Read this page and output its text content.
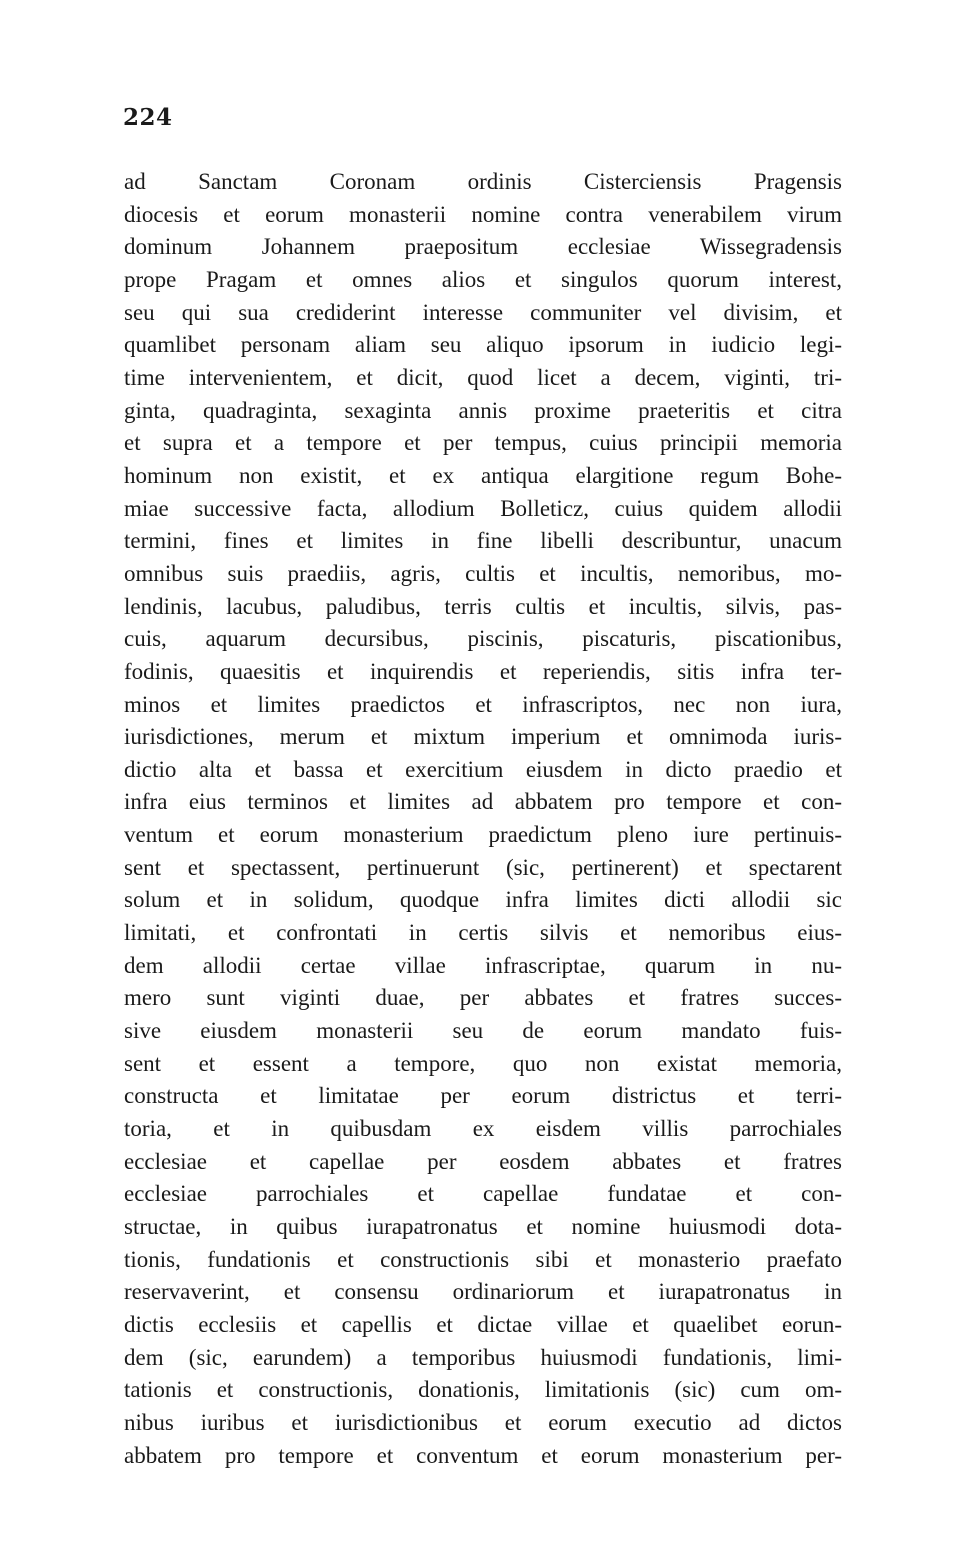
224
ad Sanctam Coronam ordinis Cisterciensis Pragensis
diocesis et eorum monasterii nomine contra venerabilem virum
dominum Johannem praepositum ecclesiae Wissegradensis
prope Pragam et omnes alios et singulos quorum interest,
seu qui sua crediderint interesse communiter vel divisim, et
quamlibet personam aliam seu aliquo ipsorum in iudicio legi-
time intervenientem, et dicit, quod licet a decem, viginti, tri-
ginta, quadraginta, sexaginta annis proxime praeteritis et citra
et supra et a tempore et per tempus, cuius principii memoria
hominum non existit, et ex antiqua elargitione regum Bohe-
miae successive facta, allodium Bolleticz, cuius quidem allodii
termini, fines et limites in fine libelli describuntur, unacum
omnibus suis praediis, agris, cultis et incultis, nemoribus, mo-
lendinis, lacubus, paludibus, terris cultis et incultis, silvis, pas-
cuis, aquarum decursibus, piscinis, piscaturis, piscationibus,
fodinis, quaesitis et inquirendis et reperiendis, sitis infra ter-
minos et limites praedictos et infrascriptos, nec non iura,
iurisdictiones, merum et mixtum imperium et omnimoda iuris-
dictio alta et bassa et exercitium eiusdem in dicto praedio et
infra eius terminos et limites ad abbatem pro tempore et con-
ventum et eorum monasterium praedictum pleno iure pertinuis-
sent et spectassent, pertinuerunt (sic, pertinerent) et spectarent
solum et in solidum, quodque infra limites dicti allodii sic
limitati, et confrontati in certis silvis et nemoribus eius-
dem allodii certae villae infrascriptae, quarum in nu-
mero sunt viginti duae, per abbates et fratres succes-
sive eiusdem monasterii seu de eorum mandato fuis-
sent et essent a tempore, quo non existat memoria,
constructa et limitatae per eorum districtus et terri-
toria, et in quibusdam ex eisdem villis parrochiales
ecclesiae et capellae per eosdem abbates et fratres
ecclesiae parrochiales et capellae fundatae et con-
structae, in quibus iurapatronatus et nomine huiusmodi dota-
tionis, fundationis et constructionis sibi et monasterio praefato
reservaverint, et consensu ordinariorum et iurapatronatus in
dictis ecclesiis et capellis et dictae villae et quaelibet eorun-
dem (sic, earundem) a temporibus huiusmodi fundationis, limi-
tationis et constructionis, donationis, limitationis (sic) cum om-
nibus iuribus et iurisdictionibus et eorum executio ad dictos
abbatem pro tempore et conventum et eorum monasterium per-
